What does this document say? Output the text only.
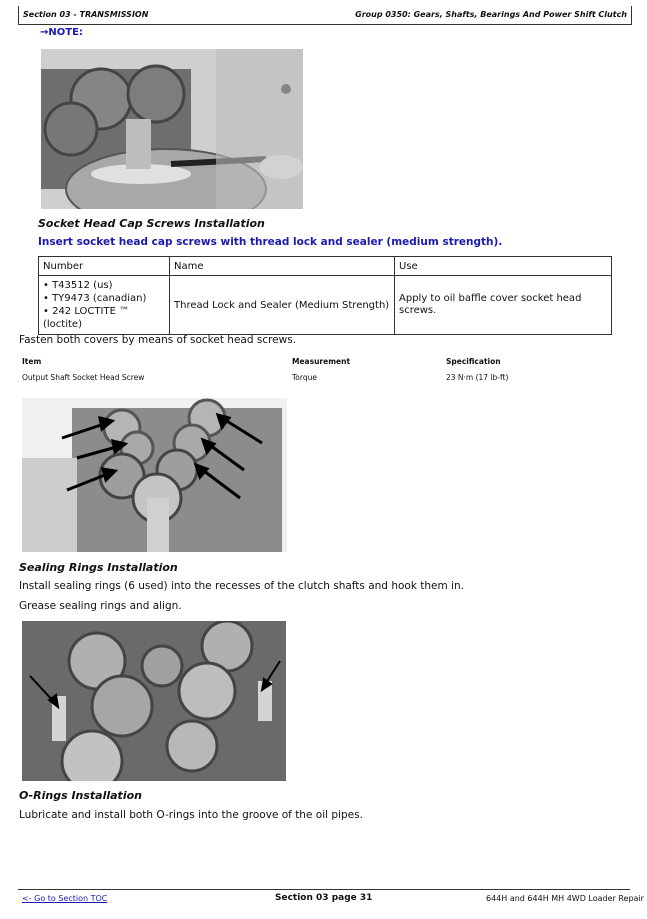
Section 03 - TRANSMISSION	Group 0350: Gears, Shafts, Bearings And Power Shift Clutch
→NOTE:
Socket Head Cap Screws Installation
Insert socket head cap screws with thread lock and sealer (medium strength).
Number	Name	Use

• T43512 (us)
• TY9473 (canadian)
• 242 LOCTITE ™ (loctite)	Thread Lock and Sealer (Medium Strength)	Apply to oil baffle cover socket head screws.
Fasten both covers by means of socket head screws.
Item	Measurement	Specification
Output Shaft Socket Head Screw	Torque	23 N·m (17 lb-ft)
Sealing Rings Installation
Install sealing rings (6 used) into the recesses of the clutch shafts and hook them in.
Grease sealing rings and align.
O-Rings Installation
Lubricate and install both O-rings into the groove of the oil pipes.
<- Go to Section TOC	Section 03 page 31	644H and 644H MH 4WD Loader Repair
